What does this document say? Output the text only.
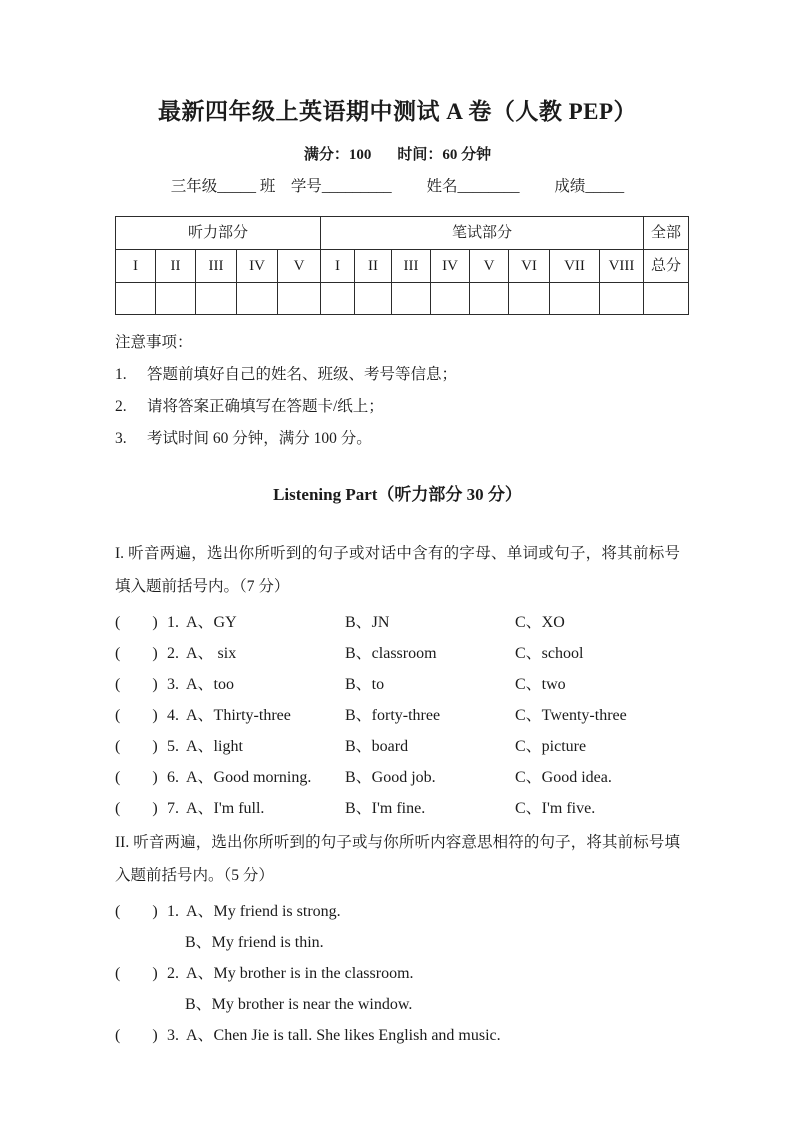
最新四年级上英语期中测试 A 卷（人教 PEP）
满分：100 时间：60 分钟
三年级_____ 班 学号_________   姓名________   成绩_____
听力部分					笔试部分								全部
I	II	III	IV	V	I	II	III	IV	V	VI	VII	VIII	总分

注意事项：
1.	答题前填好自己的姓名、班级、考号等信息；
2.	请将答案正确填写在答题卡/纸上；
3.	考试时间 60 分钟，满分 100 分。
Listening Part（听力部分 30 分）
I. 听音两遍，选出你所听到的句子或对话中含有的字母、单词或句子，将其前标号填入题前括号内。（7 分）
(  ) 1. A、GY	B、JN	C、XO
(  ) 2. A、 six	B、classroom	C、school
(  ) 3. A、too	B、to	C、two
(  ) 4. A、Thirty-three	B、forty-three	C、Twenty-three
(  ) 5. A、light	B、board	C、picture
(  ) 6. A、Good morning.	B、Good job.	C、Good idea.
(  ) 7. A、I'm full.	B、I'm fine.	C、I'm five.
II. 听音两遍，选出你所听到的句子或与你所听内容意思相符的句子，将其前标号填入题前括号内。（5 分）
(  ) 1. A、My friend is strong.
B、My friend is thin.
(  ) 2. A、My brother is in the classroom.
B、My brother is near the window.
(  ) 3. A、Chen Jie is tall. She likes English and music.
